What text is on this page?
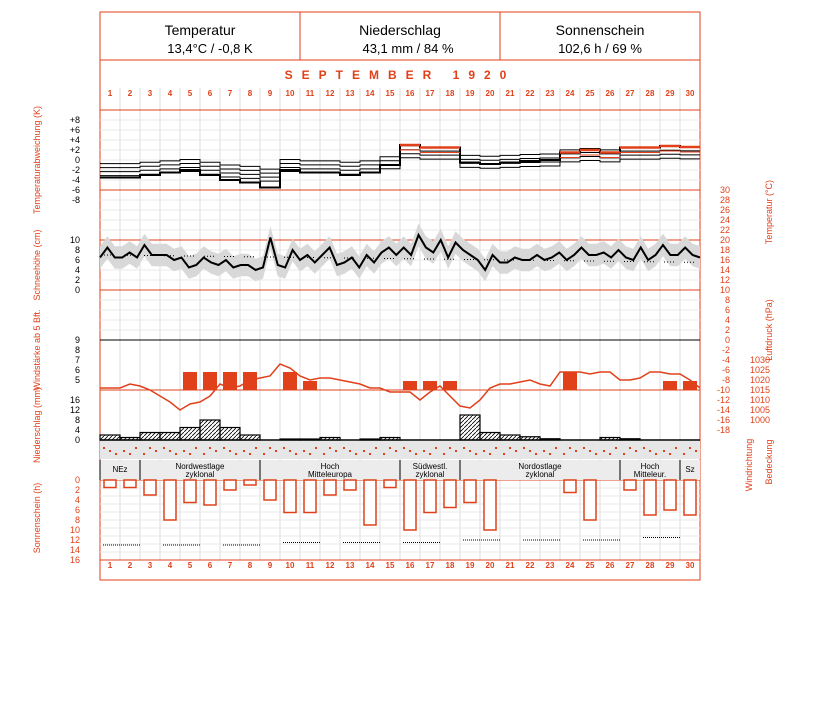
Temperatur
13,4°C / -0,8 K
Niederschlag
43,1 mm / 84 %
Sonnenschein
102,6 h / 69 %
1
1
2
2
3
3
4
4
5
5
6
6
7
7
8
8
9
9
10
10
11
11
12
12
13
13
14
14
15
15
16
16
17
17
18
18
19
19
20
20
21
21
22
22
23
23
24
24
25
25
26
26
27
27
28
28
29
29
30
30
+8
+6
+4
+2
0
-2
-4
-6
-8
10
8
6
4
2
0
30
28
26
24
22
20
18
16
14
12
10
8
6
4
2
0
-2
-4
-6
-8
-10
-12
-14
-16
-18
9
8
7
6
5
1030
1025
1020
1015
1010
1005
1000
16
12
8
4
0
NEz	Nordwestlage
zyklonal
Hoch
Mitteleuropa
Südwestl.
zyklonal
Nordostlage
zyklonal
Hoch
Mitteleur.
Sz
0
2
4
6
8
10
12
14
16
SEPTEMBER 1920
Temperaturabweichung (K)
Schneehöhe (cm)
Windstärke ab 5 Bft.
Niederschlag (mm)
Sonnenschein (h)
Temperatur (°C)
Luftdruck (hPa)
Windrichtung Bedeckung
